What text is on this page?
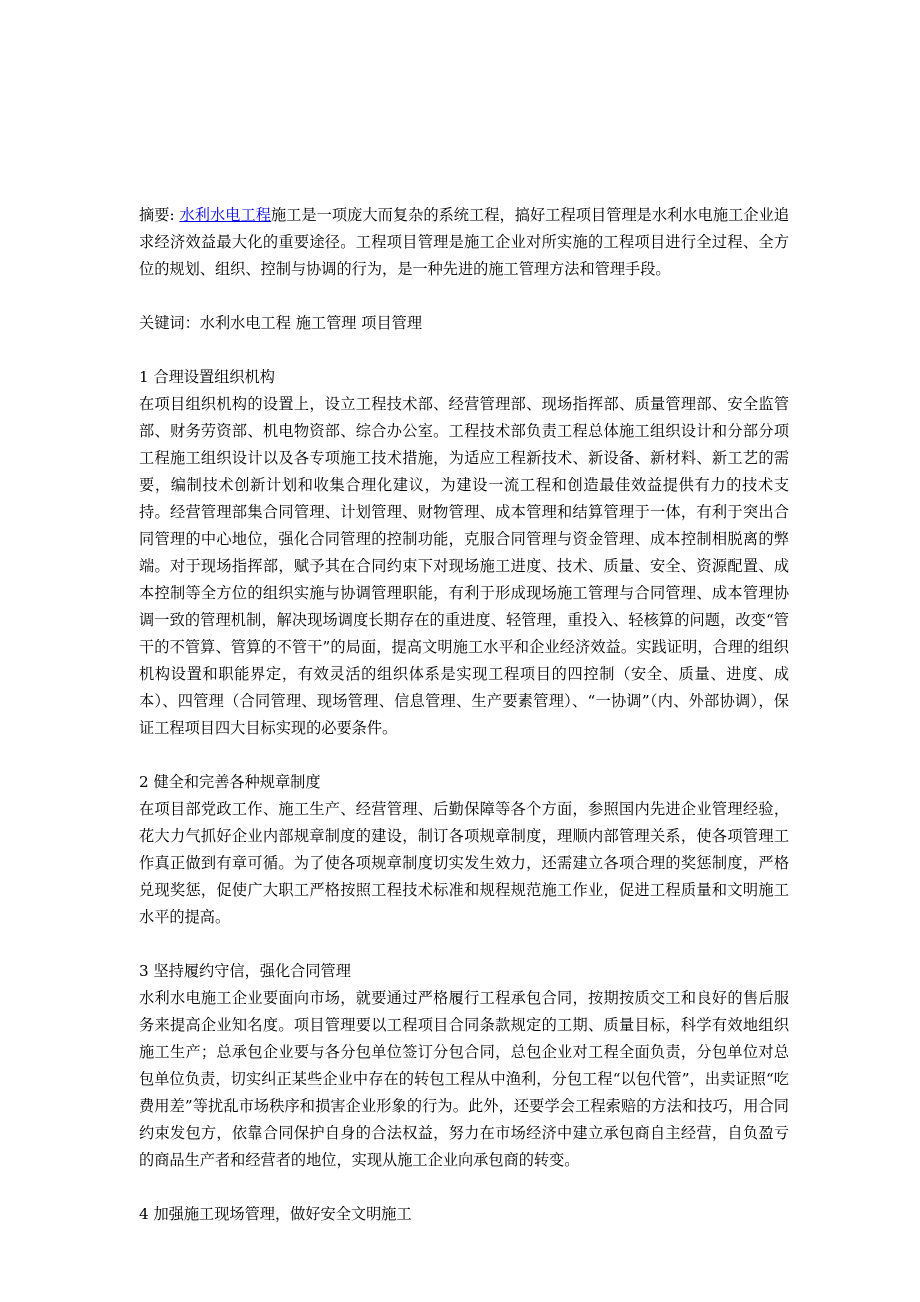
摘要: 水利水电工程施工是一项庞大而复杂的系统工程，搞好工程项目管理是水利水电施工企业追求经济效益最大化的重要途径。工程项目管理是施工企业对所实施的工程项目进行全过程、全方位的规划、组织、控制与协调的行为，是一种先进的施工管理方法和管理手段。

关键词：水利水电工程 施工管理 项目管理

1 合理设置组织机构

在项目组织机构的设置上，设立工程技术部、经营管理部、现场指挥部、质量管理部、安全监管部、财务劳资部、机电物资部、综合办公室。工程技术部负责工程总体施工组织设计和分部分项工程施工组织设计以及各专项施工技术措施，为适应工程新技术、新设备、新材料、新工艺的需要，编制技术创新计划和收集合理化建议，为建设一流工程和创造最佳效益提供有力的技术支持。经营管理部集合同管理、计划管理、财物管理、成本管理和结算管理于一体，有利于突出合同管理的中心地位，强化合同管理的控制功能，克服合同管理与资金管理、成本控制相脱离的弊端。对于现场指挥部，赋予其在合同约束下对现场施工进度、技术、质量、安全、资源配置、成本控制等全方位的组织实施与协调管理职能，有利于形成现场施工管理与合同管理、成本管理协调一致的管理机制，解决现场调度长期存在的重进度、轻管理，重投入、轻核算的问题，改变“管干的不管算、管算的不管干”的局面，提高文明施工水平和企业经济效益。实践证明，合理的组织机构设置和职能界定，有效灵活的组织体系是实现工程项目的四控制（安全、质量、进度、成本）、四管理（合同管理、现场管理、信息管理、生产要素管理）、“一协调”（内、外部协调），保证工程项目四大目标实现的必要条件。

2 健全和完善各种规章制度

在项目部党政工作、施工生产、经营管理、后勤保障等各个方面，参照国内先进企业管理经验，花大力气抓好企业内部规章制度的建设，制订各项规章制度，理顺内部管理关系，使各项管理工作真正做到有章可循。为了使各项规章制度切实发生效力，还需建立各项合理的奖惩制度，严格兑现奖惩，促使广大职工严格按照工程技术标准和规程规范施工作业，促进工程质量和文明施工水平的提高。

3 坚持履约守信，强化合同管理

水利水电施工企业要面向市场，就要通过严格履行工程承包合同，按期按质交工和良好的售后服务来提高企业知名度。项目管理要以工程项目合同条款规定的工期、质量目标，科学有效地组织施工生产；总承包企业要与各分包单位签订分包合同，总包企业对工程全面负责，分包单位对总包单位负责，切实纠正某些企业中存在的转包工程从中渔利，分包工程“以包代管”，出卖证照“吃费用差”等扰乱市场秩序和损害企业形象的行为。此外，还要学会工程索赔的方法和技巧，用合同约束发包方，依靠合同保护自身的合法权益，努力在市场经济中建立承包商自主经营，自负盈亏的商品生产者和经营者的地位，实现从施工企业向承包商的转变。

4 加强施工现场管理，做好安全文明施工
